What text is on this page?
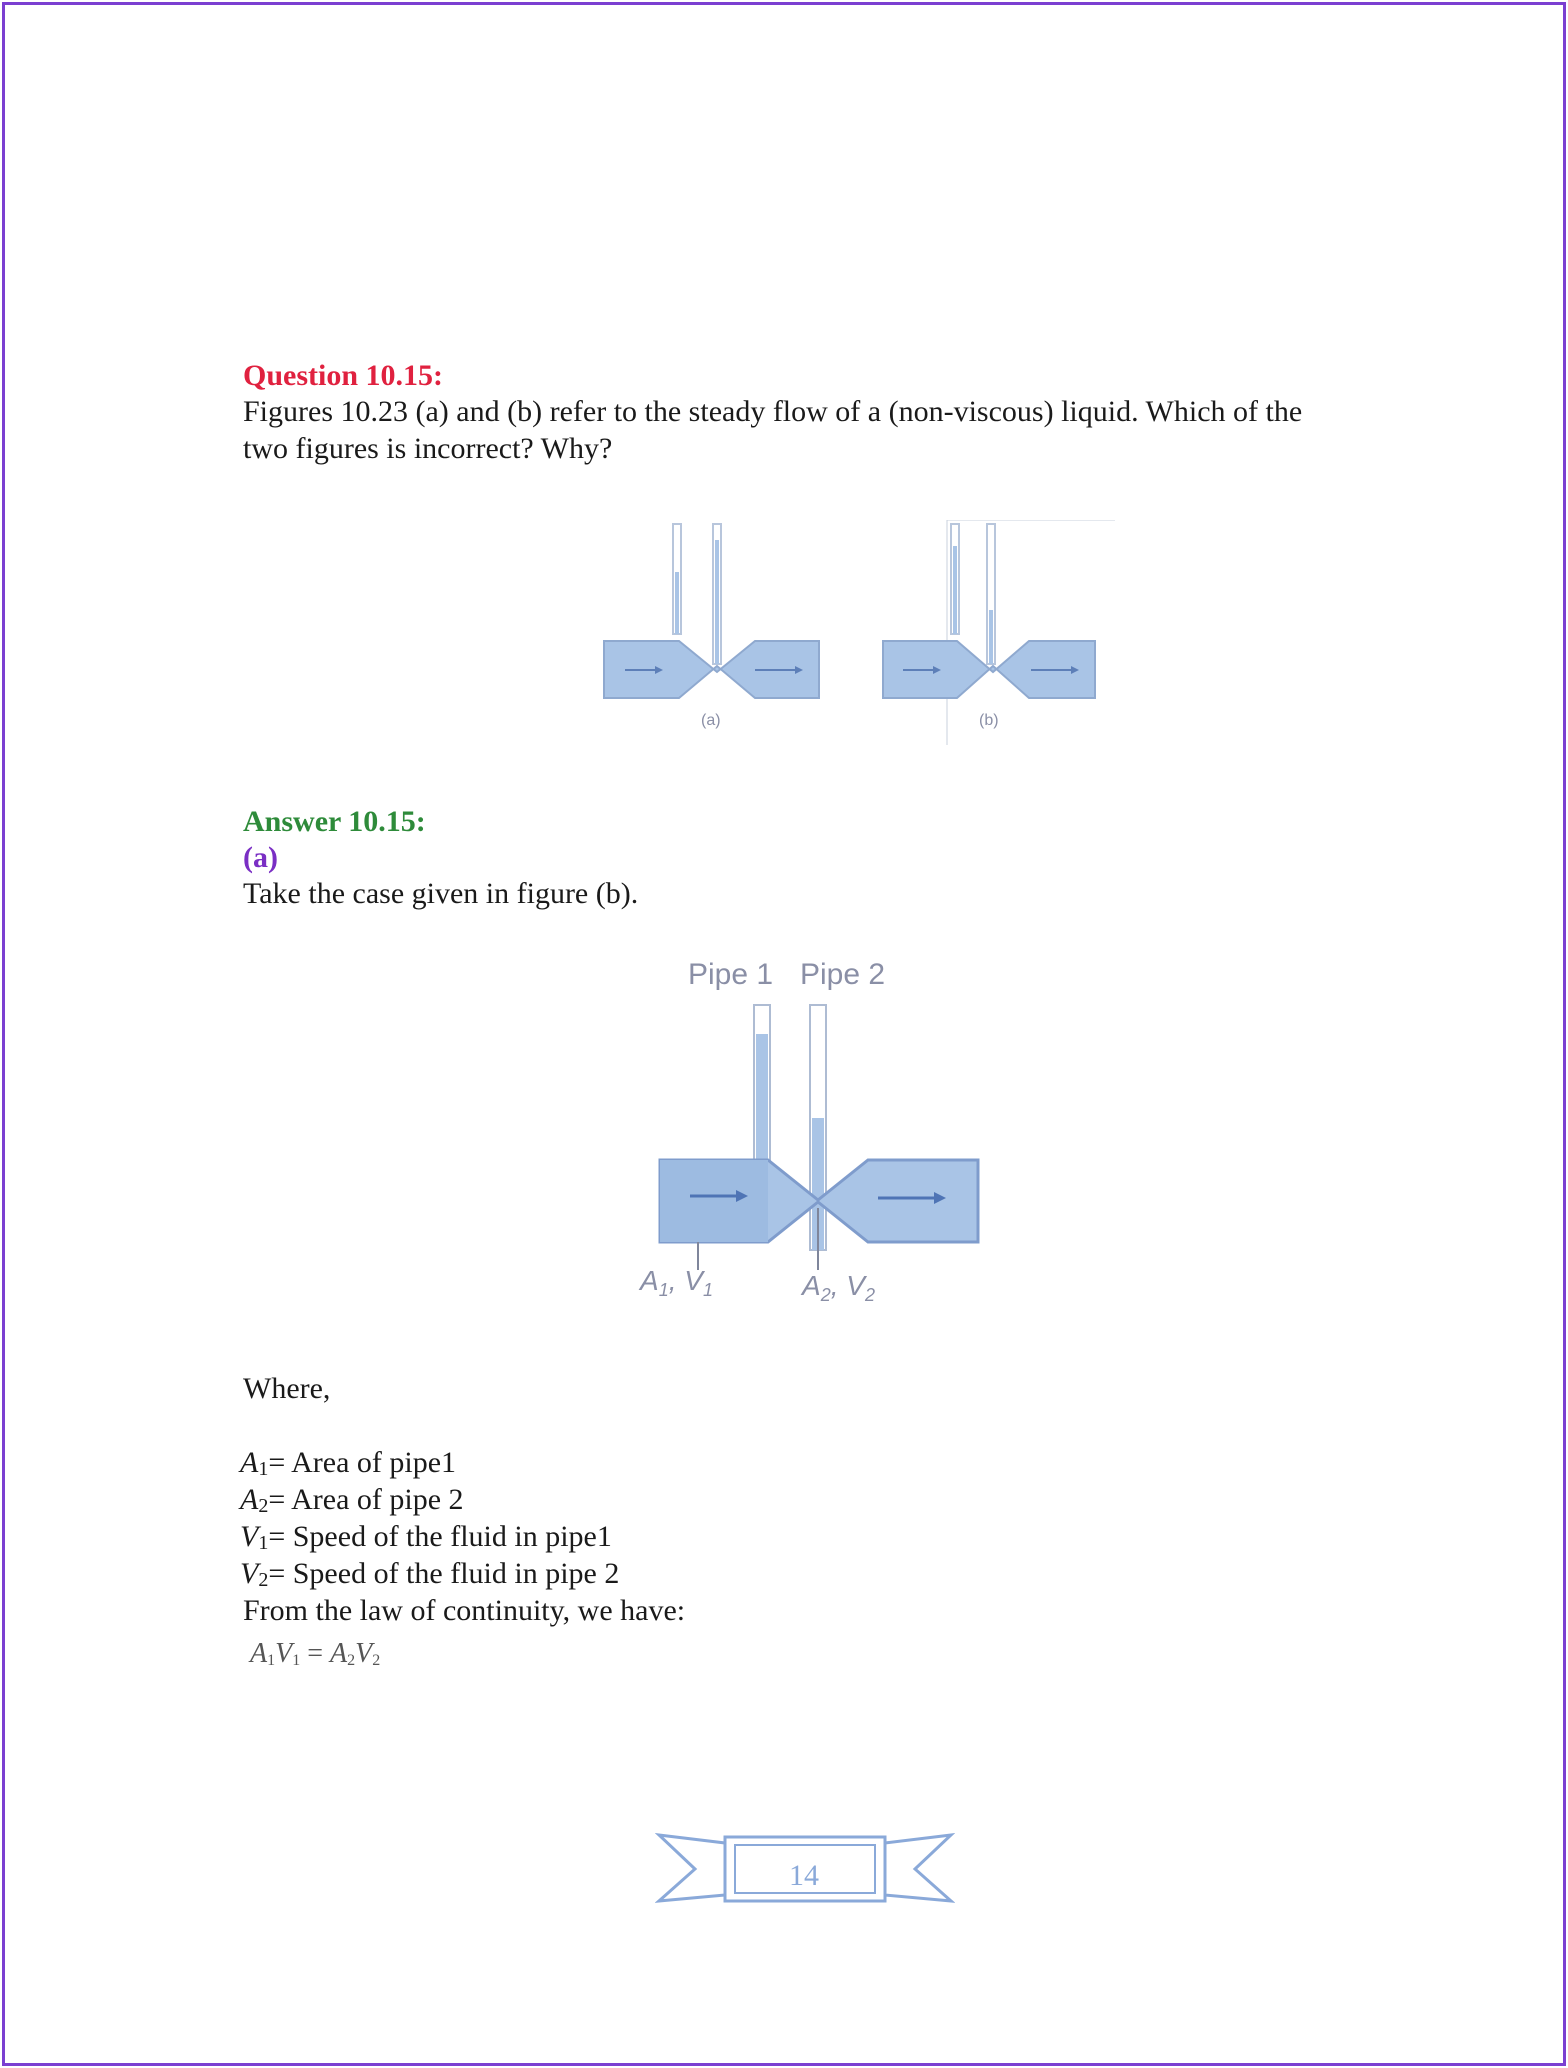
Question 10.15:
Figures 10.23 (a) and (b) refer to the steady flow of a (non-viscous) liquid. Which of the
two figures is incorrect? Why?
(a)	(b)
Answer 10.15:
(a)
Take the case given in figure (b).
Pipe 1 Pipe 2
$A_1$, $V_1$	$A_2$, $V_2$
Where,
A1= Area of pipe1
A2= Area of pipe 2
V1= Speed of the fluid in pipe1
V2= Speed of the fluid in pipe 2
From the law of continuity, we have:
A1V1 = A2V2
14
